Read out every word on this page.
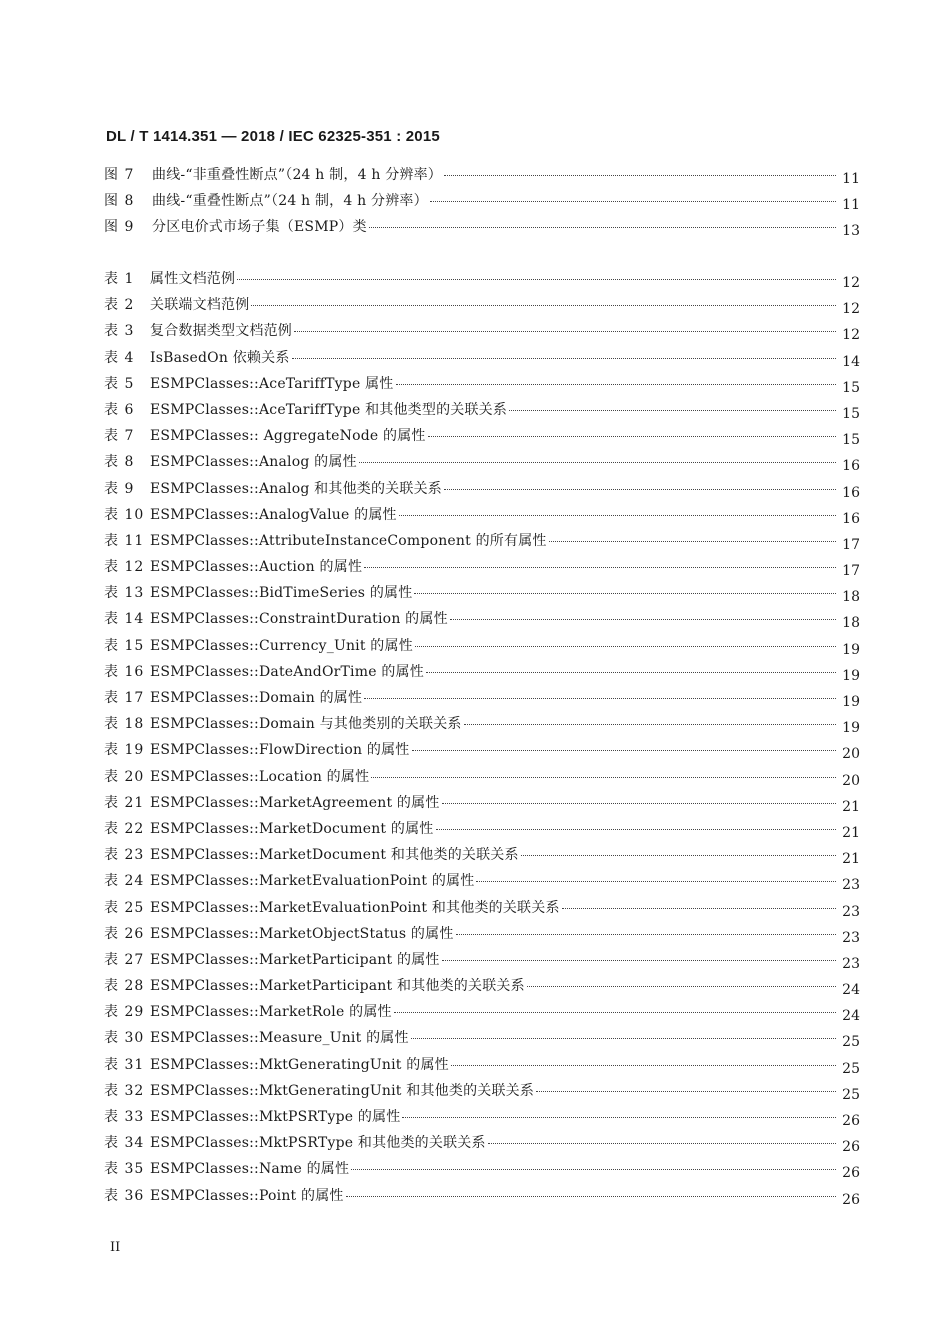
DL / T 1414.351 — 2018 / IEC 62325-351 : 2015
图 7	曲线-“非重叠性断点”（24 h 制，4 h 分辨率）	11
图 8	曲线-“重叠性断点”（24 h 制，4 h 分辨率）	11
图 9	分区电价式市场子集（ESMP）类	13
表 1	属性文档范例	12
表 2	关联端文档范例	12
表 3	复合数据类型文档范例	12
表 4	IsBasedOn 依赖关系	14
表 5	ESMPClasses::AceTariffType 属性	15
表 6	ESMPClasses::AceTariffType 和其他类型的关联关系	15
表 7	ESMPClasses:: AggregateNode 的属性	15
表 8	ESMPClasses::Analog 的属性	16
表 9	ESMPClasses::Analog 和其他类的关联关系	16
表 10 ESMPClasses::AnalogValue 的属性	16
表 11 ESMPClasses::AttributeInstanceComponent 的所有属性	17
表 12 ESMPClasses::Auction 的属性	17
表 13 ESMPClasses::BidTimeSeries 的属性	18
表 14 ESMPClasses::ConstraintDuration 的属性	18
表 15 ESMPClasses::Currency_Unit 的属性	19
表 16 ESMPClasses::DateAndOrTime 的属性	19
表 17 ESMPClasses::Domain 的属性	19
表 18 ESMPClasses::Domain 与其他类别的关联关系	19
表 19 ESMPClasses::FlowDirection 的属性	20
表 20 ESMPClasses::Location 的属性	20
表 21 ESMPClasses::MarketAgreement 的属性	21
表 22 ESMPClasses::MarketDocument 的属性	21
表 23 ESMPClasses::MarketDocument 和其他类的关联关系	21
表 24 ESMPClasses::MarketEvaluationPoint 的属性	23
表 25 ESMPClasses::MarketEvaluationPoint 和其他类的关联关系	23
表 26 ESMPClasses::MarketObjectStatus 的属性	23
表 27 ESMPClasses::MarketParticipant 的属性	23
表 28 ESMPClasses::MarketParticipant 和其他类的关联关系	24
表 29 ESMPClasses::MarketRole 的属性	24
表 30 ESMPClasses::Measure_Unit 的属性	25
表 31 ESMPClasses::MktGeneratingUnit 的属性	25
表 32 ESMPClasses::MktGeneratingUnit 和其他类的关联关系	25
表 33 ESMPClasses::MktPSRType 的属性	26
表 34 ESMPClasses::MktPSRType 和其他类的关联关系	26
表 35 ESMPClasses::Name 的属性	26
表 36 ESMPClasses::Point 的属性	26
II
